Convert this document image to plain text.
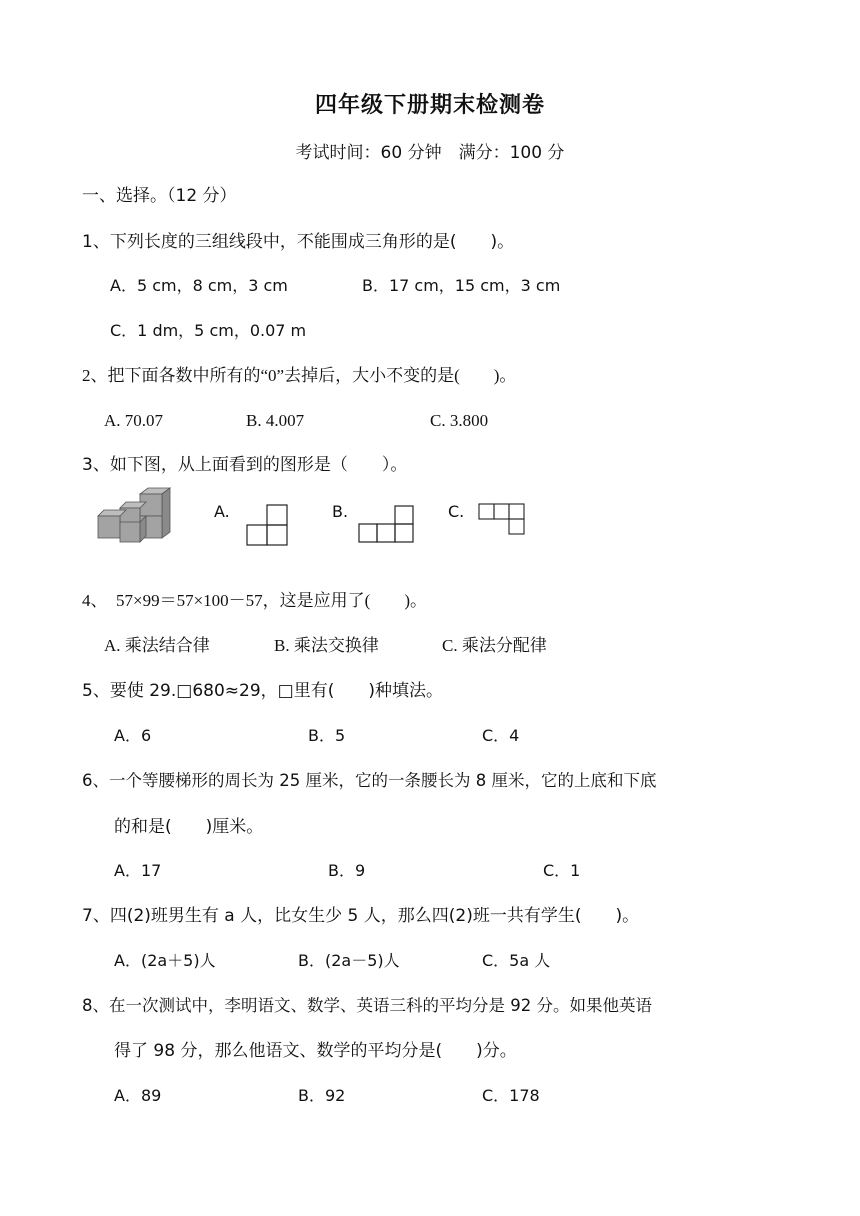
四年级下册期末检测卷
考试时间：60 分钟　满分：100 分
一、选择。（12 分）
1、下列长度的三组线段中，不能围成三角形的是(　　)。
A．5 cm，8 cm，3 cm	B．17 cm，15 cm，3 cm
C．1 dm，5 cm，0.07 m
2、把下面各数中所有的“0”去掉后，大小不变的是(　　)。
A. 70.07	B. 4.007	C. 3.800
3、如下图，从上面看到的图形是（　　）。
A.	B.	C.
4、　57×99＝57×100－57，这是应用了(　　)。
A. 乘法结合律	B. 乘法交换律	C. 乘法分配律
5、要使 29.□680≈29，□里有(　　)种填法。
A．6	B．5	C．4
6、一个等腰梯形的周长为 25 厘米，它的一条腰长为 8 厘米，它的上底和下底
的和是(　　)厘米。
A．17	B．9	C．1
7、四(2)班男生有 a 人，比女生少 5 人，那么四(2)班一共有学生(　　)。
A．(2a＋5)人	B．(2a－5)人	C．5a 人
8、在一次测试中，李明语文、数学、英语三科的平均分是 92 分。如果他英语
得了 98 分，那么他语文、数学的平均分是(　　)分。
A．89	B．92	C．178
